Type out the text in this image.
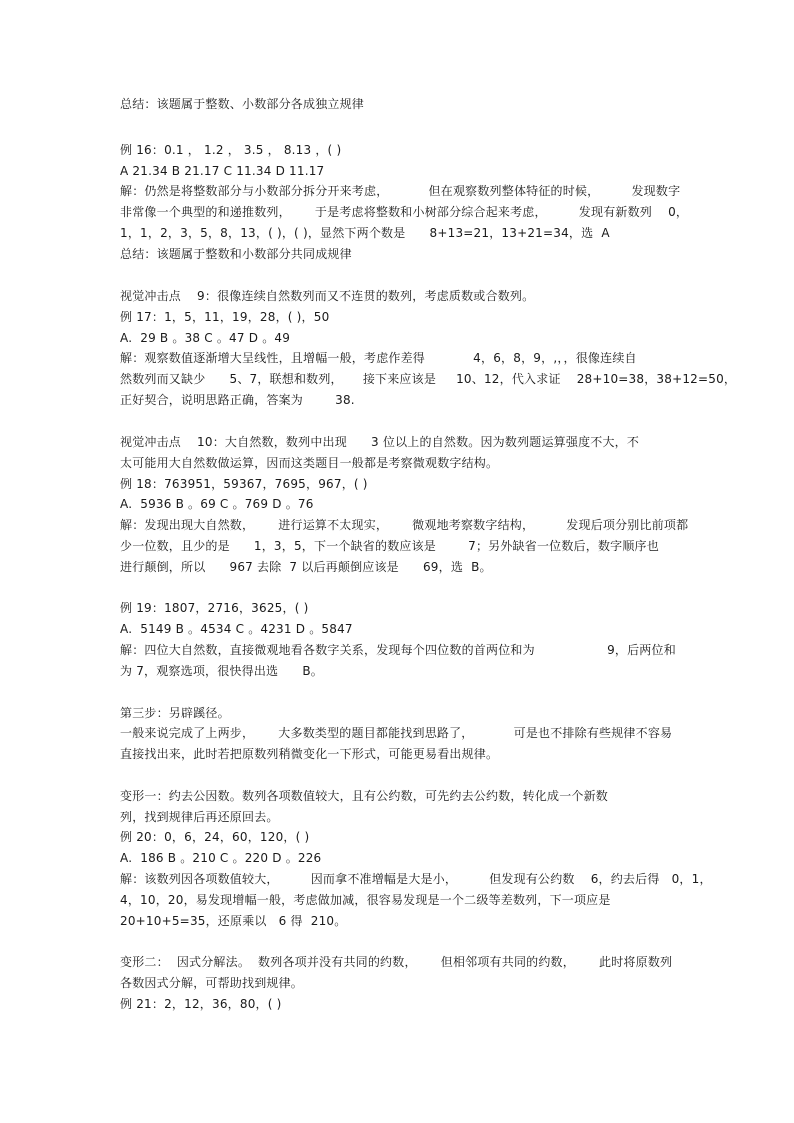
总结：该题属于整数、小数部分各成独立规律
例 16：0.1 ， 1.2 ， 3.5 ， 8.13 ，( )
A 21.34 B 21.17 C 11.34 D 11.17
解：仍然是将整数部分与小数部分拆分开来考虑，          但在观察数列整体特征的时候，        发现数字
非常像一个典型的和递推数列，      于是考虑将整数和小树部分综合起来考虑，        发现有新数列    0，
1，1，2，3，5，8，13，( )，( )，显然下两个数是      8+13=21，13+21=34，选  A
总结：该题属于整数和小数部分共同成规律
视觉冲击点    9：很像连续自然数列而又不连贯的数列，考虑质数或合数列。
例 17：1，5，11，19，28，( )，50
A.  29 B 。38 C 。47 D 。49
解：观察数值逐渐增大呈线性，且增幅一般，考虑作差得            4，6，8，9，,，，很像连续自
然数列而又缺少      5、7，联想和数列，     接下来应该是     10、12，代入求证    28+10=38，38+12=50，
正好契合，说明思路正确，答案为        38.
视觉冲击点    10：大自然数，数列中出现      3 位以上的自然数。因为数列题运算强度不大，不
太可能用大自然数做运算，因而这类题目一般都是考察微观数字结构。
例 18：763951，59367，7695，967，( )
A.  5936 B 。69 C 。769 D 。76
解：发现出现大自然数，      进行运算不太现实，      微观地考察数字结构，        发现后项分别比前项都
少一位数，且少的是      1，3，5，下一个缺省的数应该是        7；另外缺省一位数后，数字顺序也
进行颠倒，所以      967 去除  7 以后再颠倒应该是      69，选  B。
例 19：1807，2716，3625，( )
A.  5149 B 。4534 C 。4231 D 。5847
解：四位大自然数，直接微观地看各数字关系，发现每个四位数的首两位和为                  9，后两位和
为 7，观察选项，很快得出选      B。
第三步：另辟蹊径。
一般来说完成了上两步，      大多数类型的题目都能找到思路了，          可是也不排除有些规律不容易
直接找出来，此时若把原数列稍微变化一下形式，可能更易看出规律。
变形一：约去公因数。数列各项数值较大，且有公约数，可先约去公约数，转化成一个新数
列，找到规律后再还原回去。
例 20：0，6，24，60，120，( )
A.  186 B 。210 C 。220 D 。226
解：该数列因各项数值较大，        因而拿不准增幅是大是小，        但发现有公约数    6，约去后得   0，1，
4，10，20，易发现增幅一般，考虑做加减，很容易发现是一个二级等差数列，下一项应是
20+10+5=35，还原乘以   6 得  210。
变形二：  因式分解法。  数列各项并没有共同的约数，      但相邻项有共同的约数，      此时将原数列
各数因式分解，可帮助找到规律。
例 21：2，12，36，80，( )
